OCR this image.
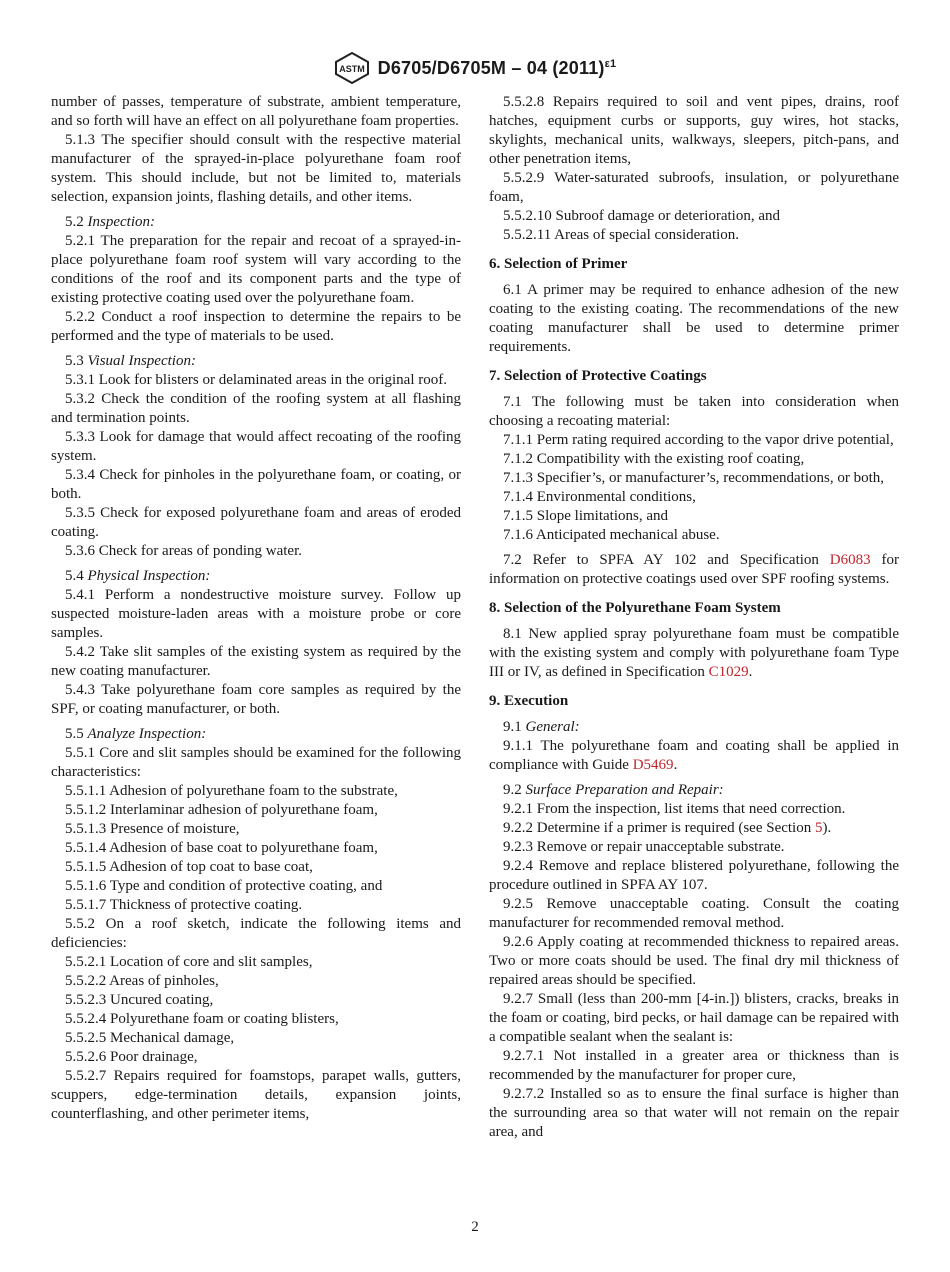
ASTM D6705/D6705M – 04 $(2011)^{\varepsilon 1}$

number of passes, temperature of substrate, ambient temperature, and so forth will have an effect on all polyurethane foam properties.

5.1.3 The specifier should consult with the respective material manufacturer of the sprayed-in-place polyurethane foam roof system. This should include, but not be limited to, materials selection, expansion joints, flashing details, and other items.

5.2 Inspection:

5.2.1 The preparation for the repair and recoat of a sprayed-in-place polyurethane foam roof system will vary according to the conditions of the roof and its component parts and the type of existing protective coating used over the polyurethane foam.

5.2.2 Conduct a roof inspection to determine the repairs to be performed and the type of materials to be used.

5.3 Visual Inspection:

5.3.1 Look for blisters or delaminated areas in the original roof.

5.3.2 Check the condition of the roofing system at all flashing and termination points.

5.3.3 Look for damage that would affect recoating of the roofing system.

5.3.4 Check for pinholes in the polyurethane foam, or coating, or both.

5.3.5 Check for exposed polyurethane foam and areas of eroded coating.

5.3.6 Check for areas of ponding water.

5.4 Physical Inspection:

5.4.1 Perform a nondestructive moisture survey. Follow up suspected moisture-laden areas with a moisture probe or core samples.

5.4.2 Take slit samples of the existing system as required by the new coating manufacturer.

5.4.3 Take polyurethane foam core samples as required by the SPF, or coating manufacturer, or both.

5.5 Analyze Inspection:

5.5.1 Core and slit samples should be examined for the following characteristics:

5.5.1.1 Adhesion of polyurethane foam to the substrate,

5.5.1.2 Interlaminar adhesion of polyurethane foam,

5.5.1.3 Presence of moisture,

5.5.1.4 Adhesion of base coat to polyurethane foam,

5.5.1.5 Adhesion of top coat to base coat,

5.5.1.6 Type and condition of protective coating, and

5.5.1.7 Thickness of protective coating.

5.5.2 On a roof sketch, indicate the following items and deficiencies:

5.5.2.1 Location of core and slit samples,

5.5.2.2 Areas of pinholes,

5.5.2.3 Uncured coating,

5.5.2.4 Polyurethane foam or coating blisters,

5.5.2.5 Mechanical damage,

5.5.2.6 Poor drainage,

5.5.2.7 Repairs required for foamstops, parapet walls, gutters, scuppers, edge-termination details, expansion joints, counterflashing, and other perimeter items,

5.5.2.8 Repairs required to soil and vent pipes, drains, roof hatches, equipment curbs or supports, guy wires, hot stacks, skylights, mechanical units, walkways, sleepers, pitch-pans, and other penetration items,

5.5.2.9 Water-saturated subroofs, insulation, or polyurethane foam,

5.5.2.10 Subroof damage or deterioration, and

5.5.2.11 Areas of special consideration.

6. Selection of Primer

6.1 A primer may be required to enhance adhesion of the new coating to the existing coating. The recommendations of the new coating manufacturer shall be used to determine primer requirements.

7. Selection of Protective Coatings

7.1 The following must be taken into consideration when choosing a recoating material:

7.1.1 Perm rating required according to the vapor drive potential,

7.1.2 Compatibility with the existing roof coating,

7.1.3 Specifier’s, or manufacturer’s, recommendations, or both,

7.1.4 Environmental conditions,

7.1.5 Slope limitations, and

7.1.6 Anticipated mechanical abuse.

7.2 Refer to SPFA AY 102 and Specification D6083 for information on protective coatings used over SPF roofing systems.

8. Selection of the Polyurethane Foam System

8.1 New applied spray polyurethane foam must be compatible with the existing system and comply with polyurethane foam Type III or IV, as defined in Specification C1029.

9. Execution

9.1 General:

9.1.1 The polyurethane foam and coating shall be applied in compliance with Guide D5469.

9.2 Surface Preparation and Repair:

9.2.1 From the inspection, list items that need correction.

9.2.2 Determine if a primer is required (see Section 5).

9.2.3 Remove or repair unacceptable substrate.

9.2.4 Remove and replace blistered polyurethane, following the procedure outlined in SPFA AY 107.

9.2.5 Remove unacceptable coating. Consult the coating manufacturer for recommended removal method.

9.2.6 Apply coating at recommended thickness to repaired areas. Two or more coats should be used. The final dry mil thickness of repaired areas should be specified.

9.2.7 Small (less than 200-mm [4-in.]) blisters, cracks, breaks in the foam or coating, bird pecks, or hail damage can be repaired with a compatible sealant when the sealant is:

9.2.7.1 Not installed in a greater area or thickness than is recommended by the manufacturer for proper cure,

9.2.7.2 Installed so as to ensure the final surface is higher than the surrounding area so that water will not remain on the repair area, and

2
